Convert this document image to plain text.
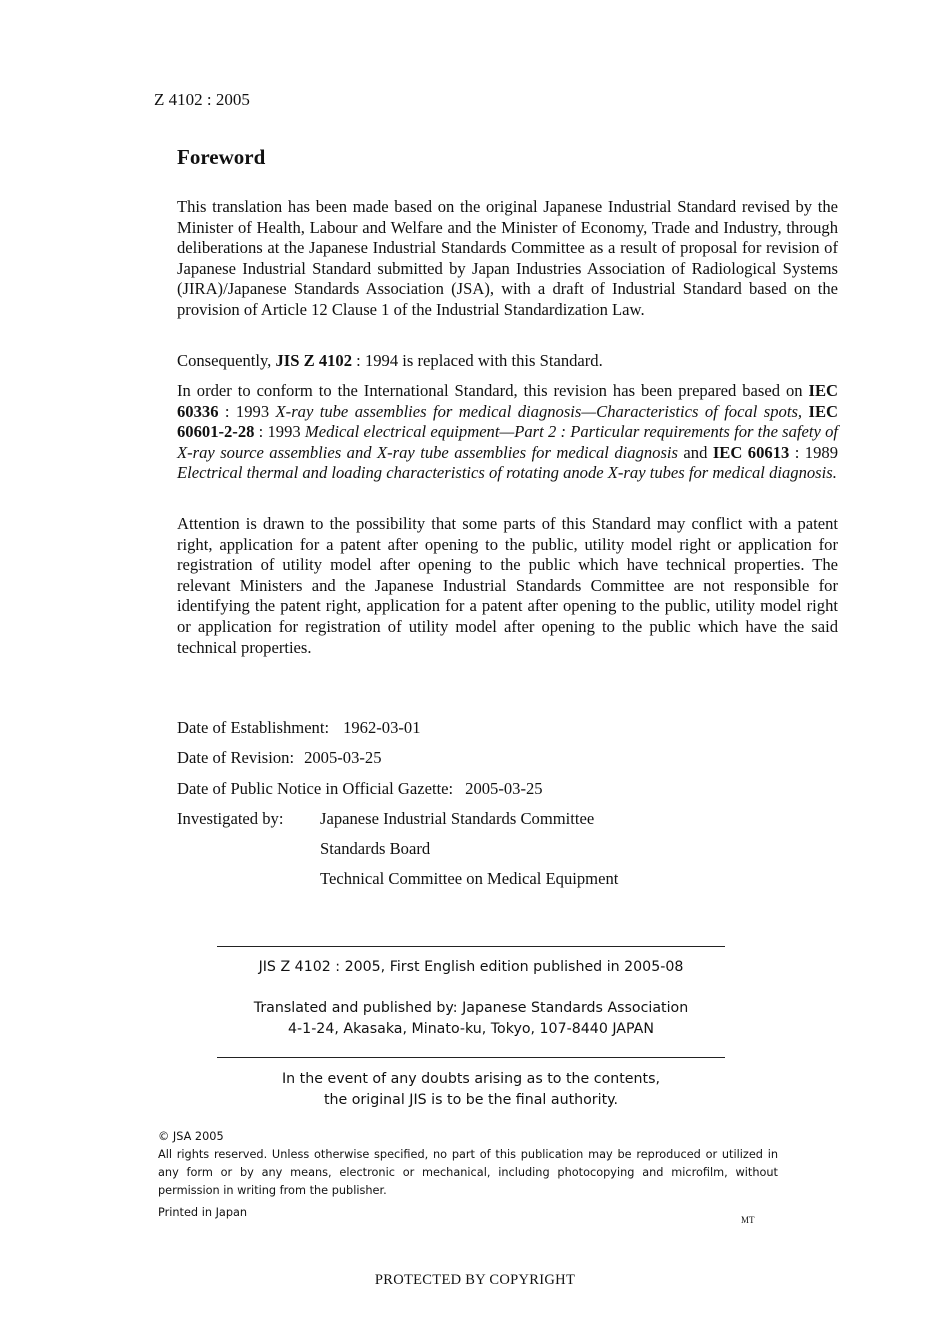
Z 4102 : 2005
Foreword

This translation has been made based on the original Japanese Industrial Standard revised by the Minister of Health, Labour and Welfare and the Minister of Economy, Trade and Industry, through deliberations at the Japanese Industrial Standards Committee as a result of proposal for revision of Japanese Industrial Standard submitted by Japan Industries Association of Radiological Systems (JIRA)/Japanese Standards Association (JSA), with a draft of Industrial Standard based on the provision of Article 12 Clause 1 of the Industrial Standardization Law.

Consequently, JIS Z 4102 : 1994 is replaced with this Standard.

In order to conform to the International Standard, this revision has been prepared based on IEC 60336 : 1993 X-ray tube assemblies for medical diagnosis—Characteristics of focal spots, IEC 60601-2-28 : 1993 Medical electrical equipment—Part 2 : Particular requirements for the safety of X-ray source assemblies and X-ray tube assemblies for medical diagnosis and IEC 60613 : 1989 Electrical thermal and loading characteristics of rotating anode X-ray tubes for medical diagnosis.

Attention is drawn to the possibility that some parts of this Standard may conflict with a patent right, application for a patent after opening to the public, utility model right or application for registration of utility model after opening to the public which have technical properties. The relevant Ministers and the Japanese Industrial Standards Committee are not responsible for identifying the patent right, application for a patent after opening to the public, utility model right or application for registration of utility model after opening to the public which have the said technical properties.

Date of Establishment: 1962-03-01
Date of Revision: 2005-03-25
Date of Public Notice in Official Gazette: 2005-03-25
Investigated by: Japanese Industrial Standards Committee
Standards Board
Technical Committee on Medical Equipment
JIS Z 4102 : 2005, First English edition published in 2005-08
Translated and published by: Japanese Standards Association
4-1-24, Akasaka, Minato-ku, Tokyo, 107-8440 JAPAN
In the event of any doubts arising as to the contents,
the original JIS is to be the final authority.
© JSA 2005
All rights reserved. Unless otherwise specified, no part of this publication may be reproduced or utilized in any form or by any means, electronic or mechanical, including photocopying and microfilm, without permission in writing from the publisher.
Printed in Japan
MT
PROTECTED BY COPYRIGHT
